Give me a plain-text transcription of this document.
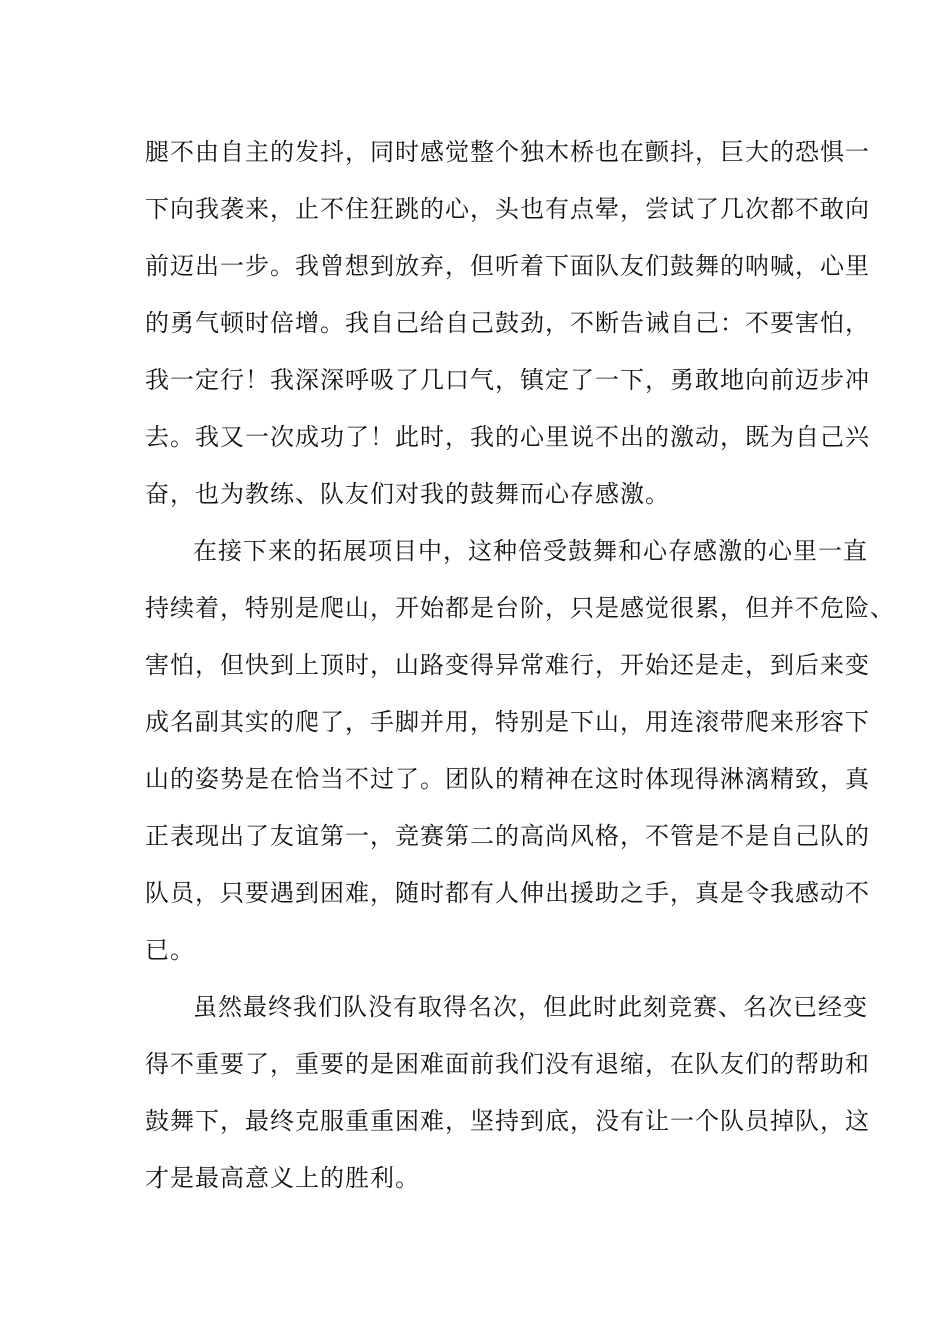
腿不由自主的发抖，同时感觉整个独木桥也在颤抖，巨大的恐惧一
下向我袭来，止不住狂跳的心，头也有点晕，尝试了几次都不敢向
前迈出一步。我曾想到放弃，但听着下面队友们鼓舞的呐喊，心里
的勇气顿时倍增。我自己给自己鼓劲，不断告诫自己：不要害怕，
我一定行！我深深呼吸了几口气，镇定了一下，勇敢地向前迈步冲
去。我又一次成功了！此时，我的心里说不出的激动，既为自己兴
奋，也为教练、队友们对我的鼓舞而心存感激。
在接下来的拓展项目中，这种倍受鼓舞和心存感激的心里一直
持续着，特别是爬山，开始都是台阶，只是感觉很累，但并不危险、
害怕，但快到上顶时，山路变得异常难行，开始还是走，到后来变
成名副其实的爬了，手脚并用，特别是下山，用连滚带爬来形容下
山的姿势是在恰当不过了。团队的精神在这时体现得淋漓精致，真
正表现出了友谊第一，竞赛第二的高尚风格，不管是不是自己队的
队员，只要遇到困难，随时都有人伸出援助之手，真是令我感动不
已。
虽然最终我们队没有取得名次，但此时此刻竞赛、名次已经变
得不重要了，重要的是困难面前我们没有退缩，在队友们的帮助和
鼓舞下，最终克服重重困难，坚持到底，没有让一个队员掉队，这
才是最高意义上的胜利。
